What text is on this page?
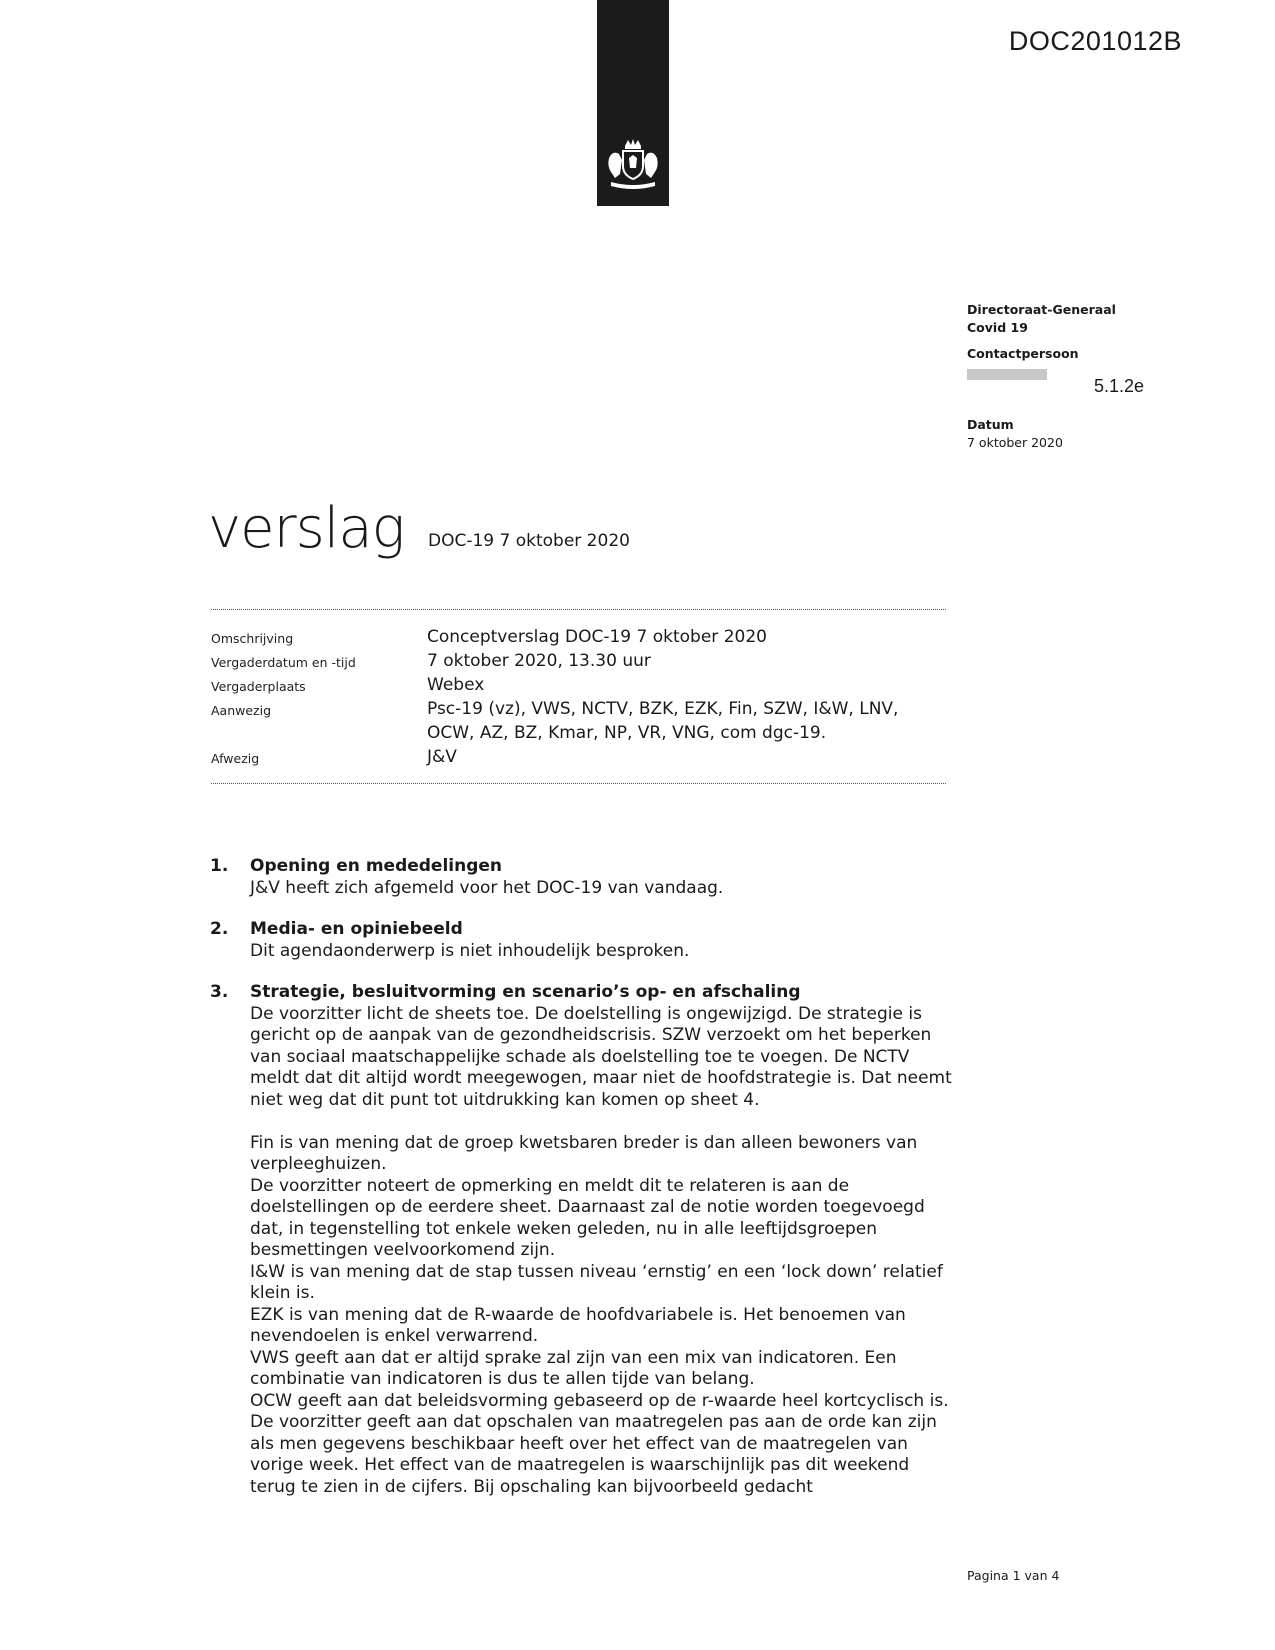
DOC201012B
Directoraat-Generaal
Covid 19
Contactpersoon
Datum
7 oktober 2020
5.1.2e
verslag DOC-19 7 oktober 2020
Omschrijving	Conceptverslag DOC-19 7 oktober 2020
Vergaderdatum en -tijd	7 oktober 2020, 13.30 uur
Vergaderplaats	Webex
Aanwezig	Psc-19 (vz), VWS, NCTV, BZK, EZK, Fin, SZW, I&W, LNV, OCW, AZ, BZ, Kmar, NP, VR, VNG, com dgc-19.
Afwezig	J&V
1.	Opening en mededelingen

J&V heeft zich afgemeld voor het DOC-19 van vandaag.

2.	Media- en opiniebeeld

Dit agendaonderwerp is niet inhoudelijk besproken.

3.	Strategie, besluitvorming en scenario’s op- en afschaling

De voorzitter licht de sheets toe. De doelstelling is ongewijzigd. De strategie is gericht op de aanpak van de gezondheidscrisis. SZW verzoekt om het beperken van sociaal maatschappelijke schade als doelstelling toe te voegen. De NCTV meldt dat dit altijd wordt meegewogen, maar niet de hoofdstrategie is. Dat neemt niet weg dat dit punt tot uitdrukking kan komen op sheet 4.

Fin is van mening dat de groep kwetsbaren breder is dan alleen bewoners van verpleeghuizen.

De voorzitter noteert de opmerking en meldt dit te relateren is aan de doelstellingen op de eerdere sheet. Daarnaast zal de notie worden toegevoegd dat, in tegenstelling tot enkele weken geleden, nu in alle leeftijdsgroepen besmettingen veelvoorkomend zijn.

I&W is van mening dat de stap tussen niveau ‘ernstig’ en een ‘lock down’ relatief klein is.

EZK is van mening dat de R-waarde de hoofdvariabele is. Het benoemen van nevendoelen is enkel verwarrend.

VWS geeft aan dat er altijd sprake zal zijn van een mix van indicatoren. Een combinatie van indicatoren is dus te allen tijde van belang.

OCW geeft aan dat beleidsvorming gebaseerd op de r-waarde heel kortcyclisch is.

De voorzitter geeft aan dat opschalen van maatregelen pas aan de orde kan zijn als men gegevens beschikbaar heeft over het effect van de maatregelen van vorige week. Het effect van de maatregelen is waarschijnlijk pas dit weekend terug te zien in de cijfers. Bij opschaling kan bijvoorbeeld gedacht

Pagina 1 van 4
